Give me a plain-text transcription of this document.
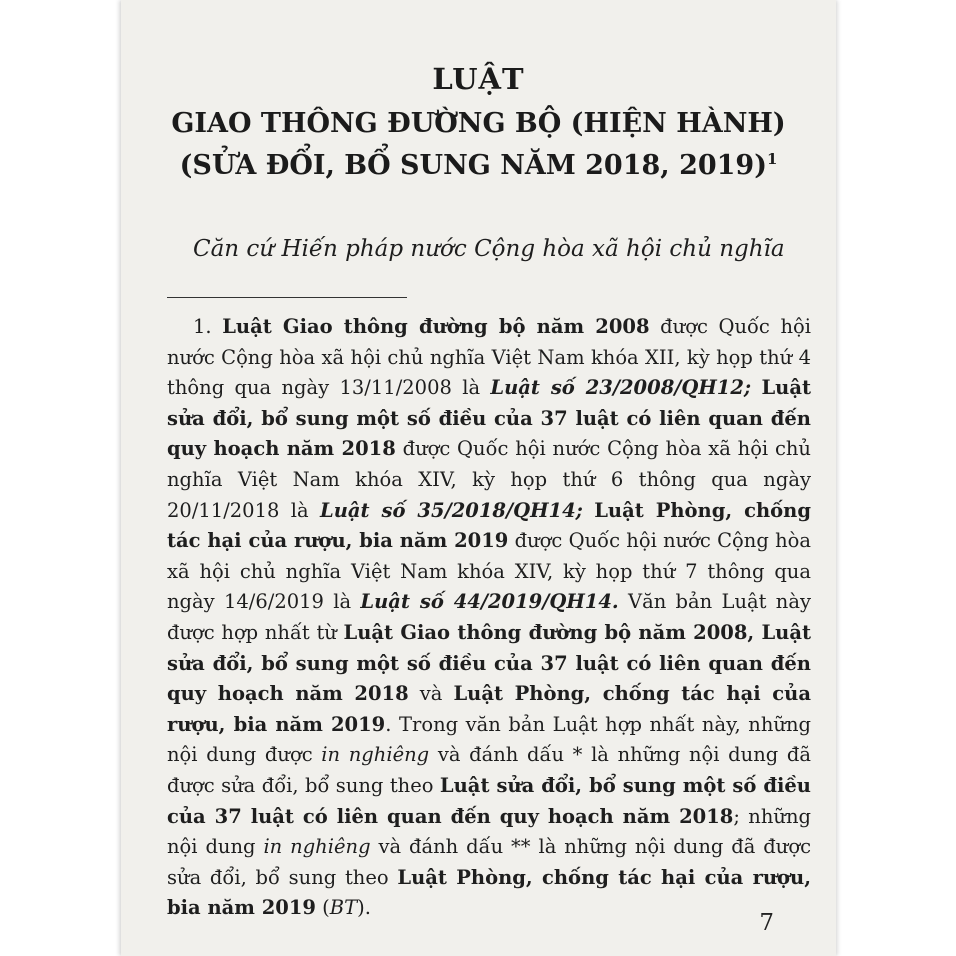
LUẬT
GIAO THÔNG ĐƯỜNG BỘ (HIỆN HÀNH)
(SỬA ĐỔI, BỔ SUNG NĂM 2018, 2019)$^1$
Căn cứ Hiến pháp nước Cộng hòa xã hội chủ nghĩa

1. Luật Giao thông đường bộ năm 2008 được Quốc hội nước Cộng hòa xã hội chủ nghĩa Việt Nam khóa XII, kỳ họp thứ 4 thông qua ngày 13/11/2008 là Luật số 23/2008/QH12; Luật sửa đổi, bổ sung một số điều của 37 luật có liên quan đến quy hoạch năm 2018 được Quốc hội nước Cộng hòa xã hội chủ nghĩa Việt Nam khóa XIV, kỳ họp thứ 6 thông qua ngày 20/11/2018 là Luật số 35/2018/QH14; Luật Phòng, chống tác hại của rượu, bia năm 2019 được Quốc hội nước Cộng hòa xã hội chủ nghĩa Việt Nam khóa XIV, kỳ họp thứ 7 thông qua ngày 14/6/2019 là Luật số 44/2019/QH14. Văn bản Luật này được hợp nhất từ Luật Giao thông đường bộ năm 2008, Luật sửa đổi, bổ sung một số điều của 37 luật có liên quan đến quy hoạch năm 2018 và Luật Phòng, chống tác hại của rượu, bia năm 2019. Trong văn bản Luật hợp nhất này, những nội dung được in nghiêng và đánh dấu * là những nội dung đã được sửa đổi, bổ sung theo Luật sửa đổi, bổ sung một số điều của 37 luật có liên quan đến quy hoạch năm 2018; những nội dung in nghiêng và đánh dấu ** là những nội dung đã được sửa đổi, bổ sung theo Luật Phòng, chống tác hại của rượu, bia năm 2019 (BT).

7
